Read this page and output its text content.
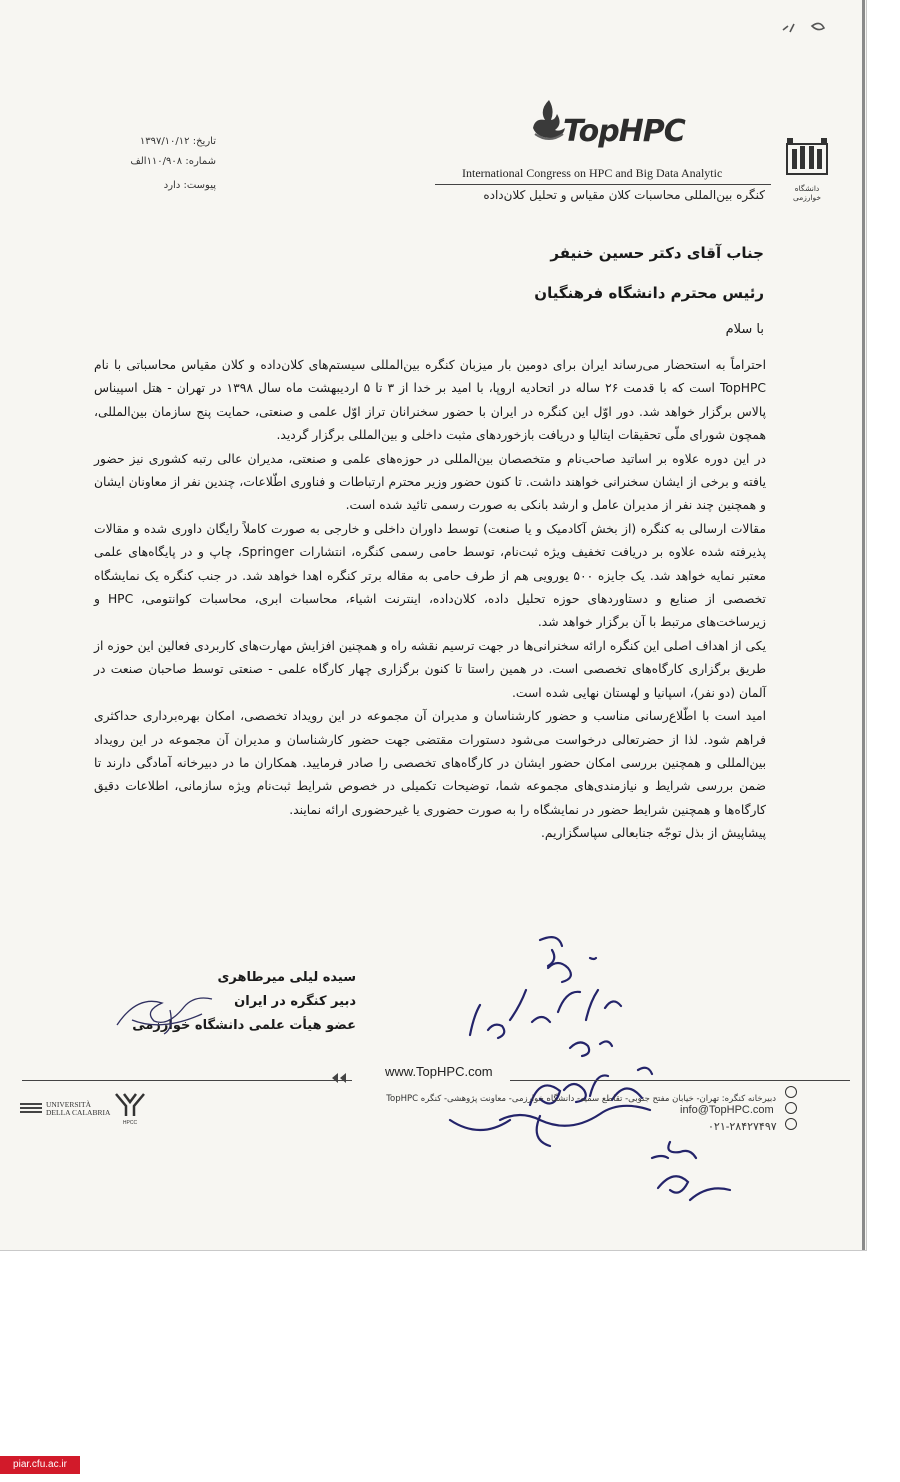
تاریخ: ۱۳۹۷/۱۰/۱۲
شماره: ۱۱۰/۹۰۸الف
پیوست: دارد
TopHPC
International Congress on HPC and Big Data Analytic
کنگره بین‌المللی محاسبات کلان مقیاس و تحلیل کلان‌داده	دانشگاه خوارزمی
جناب آقای دکتر حسین خنیفر
رئیس محترم دانشگاه فرهنگیان
با سلام

احتراماً به استحضار می‌رساند ایران برای دومین بار میزبان کنگره بین‌المللی سیستم‌های کلان‌داده و کلان مقیاس محاسباتی با نام TopHPC است که با قدمت ۲۶ ساله در اتحادیه اروپا، با امید بر خدا از ۳ تا ۵ اردیبهشت ماه سال ۱۳۹۸ در تهران - هتل اسپیناس پالاس برگزار خواهد شد. دور اوّل این کنگره در ایران با حضور سخنرانان تراز اوّل علمی و صنعتی، حمایت پنج سازمان بین‌المللی، همچون شورای ملّی تحقیقات ایتالیا و دریافت بازخوردهای مثبت داخلی و بین‌المللی برگزار گردید.

در این دوره علاوه بر اساتید صاحب‌نام و متخصصان بین‌المللی در حوزه‌های علمی و صنعتی، مدیران عالی رتبه کشوری نیز حضور یافته و برخی از ایشان سخنرانی خواهند داشت. تا کنون حضور وزیر محترم ارتباطات و فناوری اطّلاعات، چندین نفر از معاونان ایشان و همچنین چند نفر از مدیران عامل و ارشد بانکی به صورت رسمی تائید شده است.

مقالات ارسالی به کنگره (از بخش آکادمیک و یا صنعت) توسط داوران داخلی و خارجی به صورت کاملاً رایگان داوری شده و مقالات پذیرفته شده علاوه بر دریافت تخفیف ویژه ثبت‌نام، توسط حامی رسمی کنگره، انتشارات Springer، چاپ و در پایگاه‌های علمی معتبر نمایه خواهد شد. یک جایزه ۵۰۰ یورویی هم از طرف حامی به مقاله برتر کنگره اهدا خواهد شد. در جنب کنگره یک نمایشگاه تخصصی از صنایع و دستاوردهای حوزه تحلیل داده، کلان‌داده، اینترنت اشیاء، محاسبات ابری، محاسبات کوانتومی، HPC و زیرساخت‌های مرتبط با آن برگزار خواهد شد.

یکی از اهداف اصلی این کنگره ارائه سخنرانی‌ها در جهت ترسیم نقشه راه و همچنین افزایش مهارت‌های کاربردی فعالین این حوزه از طریق برگزاری کارگاه‌های تخصصی است. در همین راستا تا کنون برگزاری چهار کارگاه علمی - صنعتی توسط صاحبان صنعت در آلمان (دو نفر)، اسپانیا و لهستان نهایی شده است.

امید است با اطّلاع‌رسانی مناسب و حضور کارشناسان و مدیران آن مجموعه در این رویداد تخصصی، امکان بهره‌برداری حداکثری فراهم شود. لذا از حضرتعالی درخواست می‌شود دستورات مقتضی جهت حضور کارشناسان و مدیران آن مجموعه در این رویداد بین‌المللی و همچنین بررسی امکان حضور ایشان در کارگاه‌های تخصصی را صادر فرمایید. همکاران ما در دبیرخانه آمادگی دارند تا ضمن بررسی شرایط و نیازمندی‌های مجموعه شما، توضیحات تکمیلی در خصوص شرایط ثبت‌نام ویژه سازمانی، اطلاعات دقیق کارگاه‌ها و همچنین شرایط حضور در نمایشگاه را به صورت حضوری یا غیرحضوری ارائه نمایند.

پیشاپیش از بذل توجّه جنابعالی سپاسگزاریم.

سیده لیلی میرطاهری
دبیر کنگره در ایران
عضو هیأت علمی دانشگاه خوارزمی
www.TopHPC.com
دبیرخانه کنگره: تهران- خیابان مفتح جنوبی- تقاطع سمیه- دانشگاه خوارزمی- معاونت پژوهشی- کنگره TopHPC
info@TopHPC.com
۰۲۱-۲۸۴۲۷۴۹۷
UNIVERSITÀ
DELLA CALABRIA
HPCC
piar.cfu.ac.ir
